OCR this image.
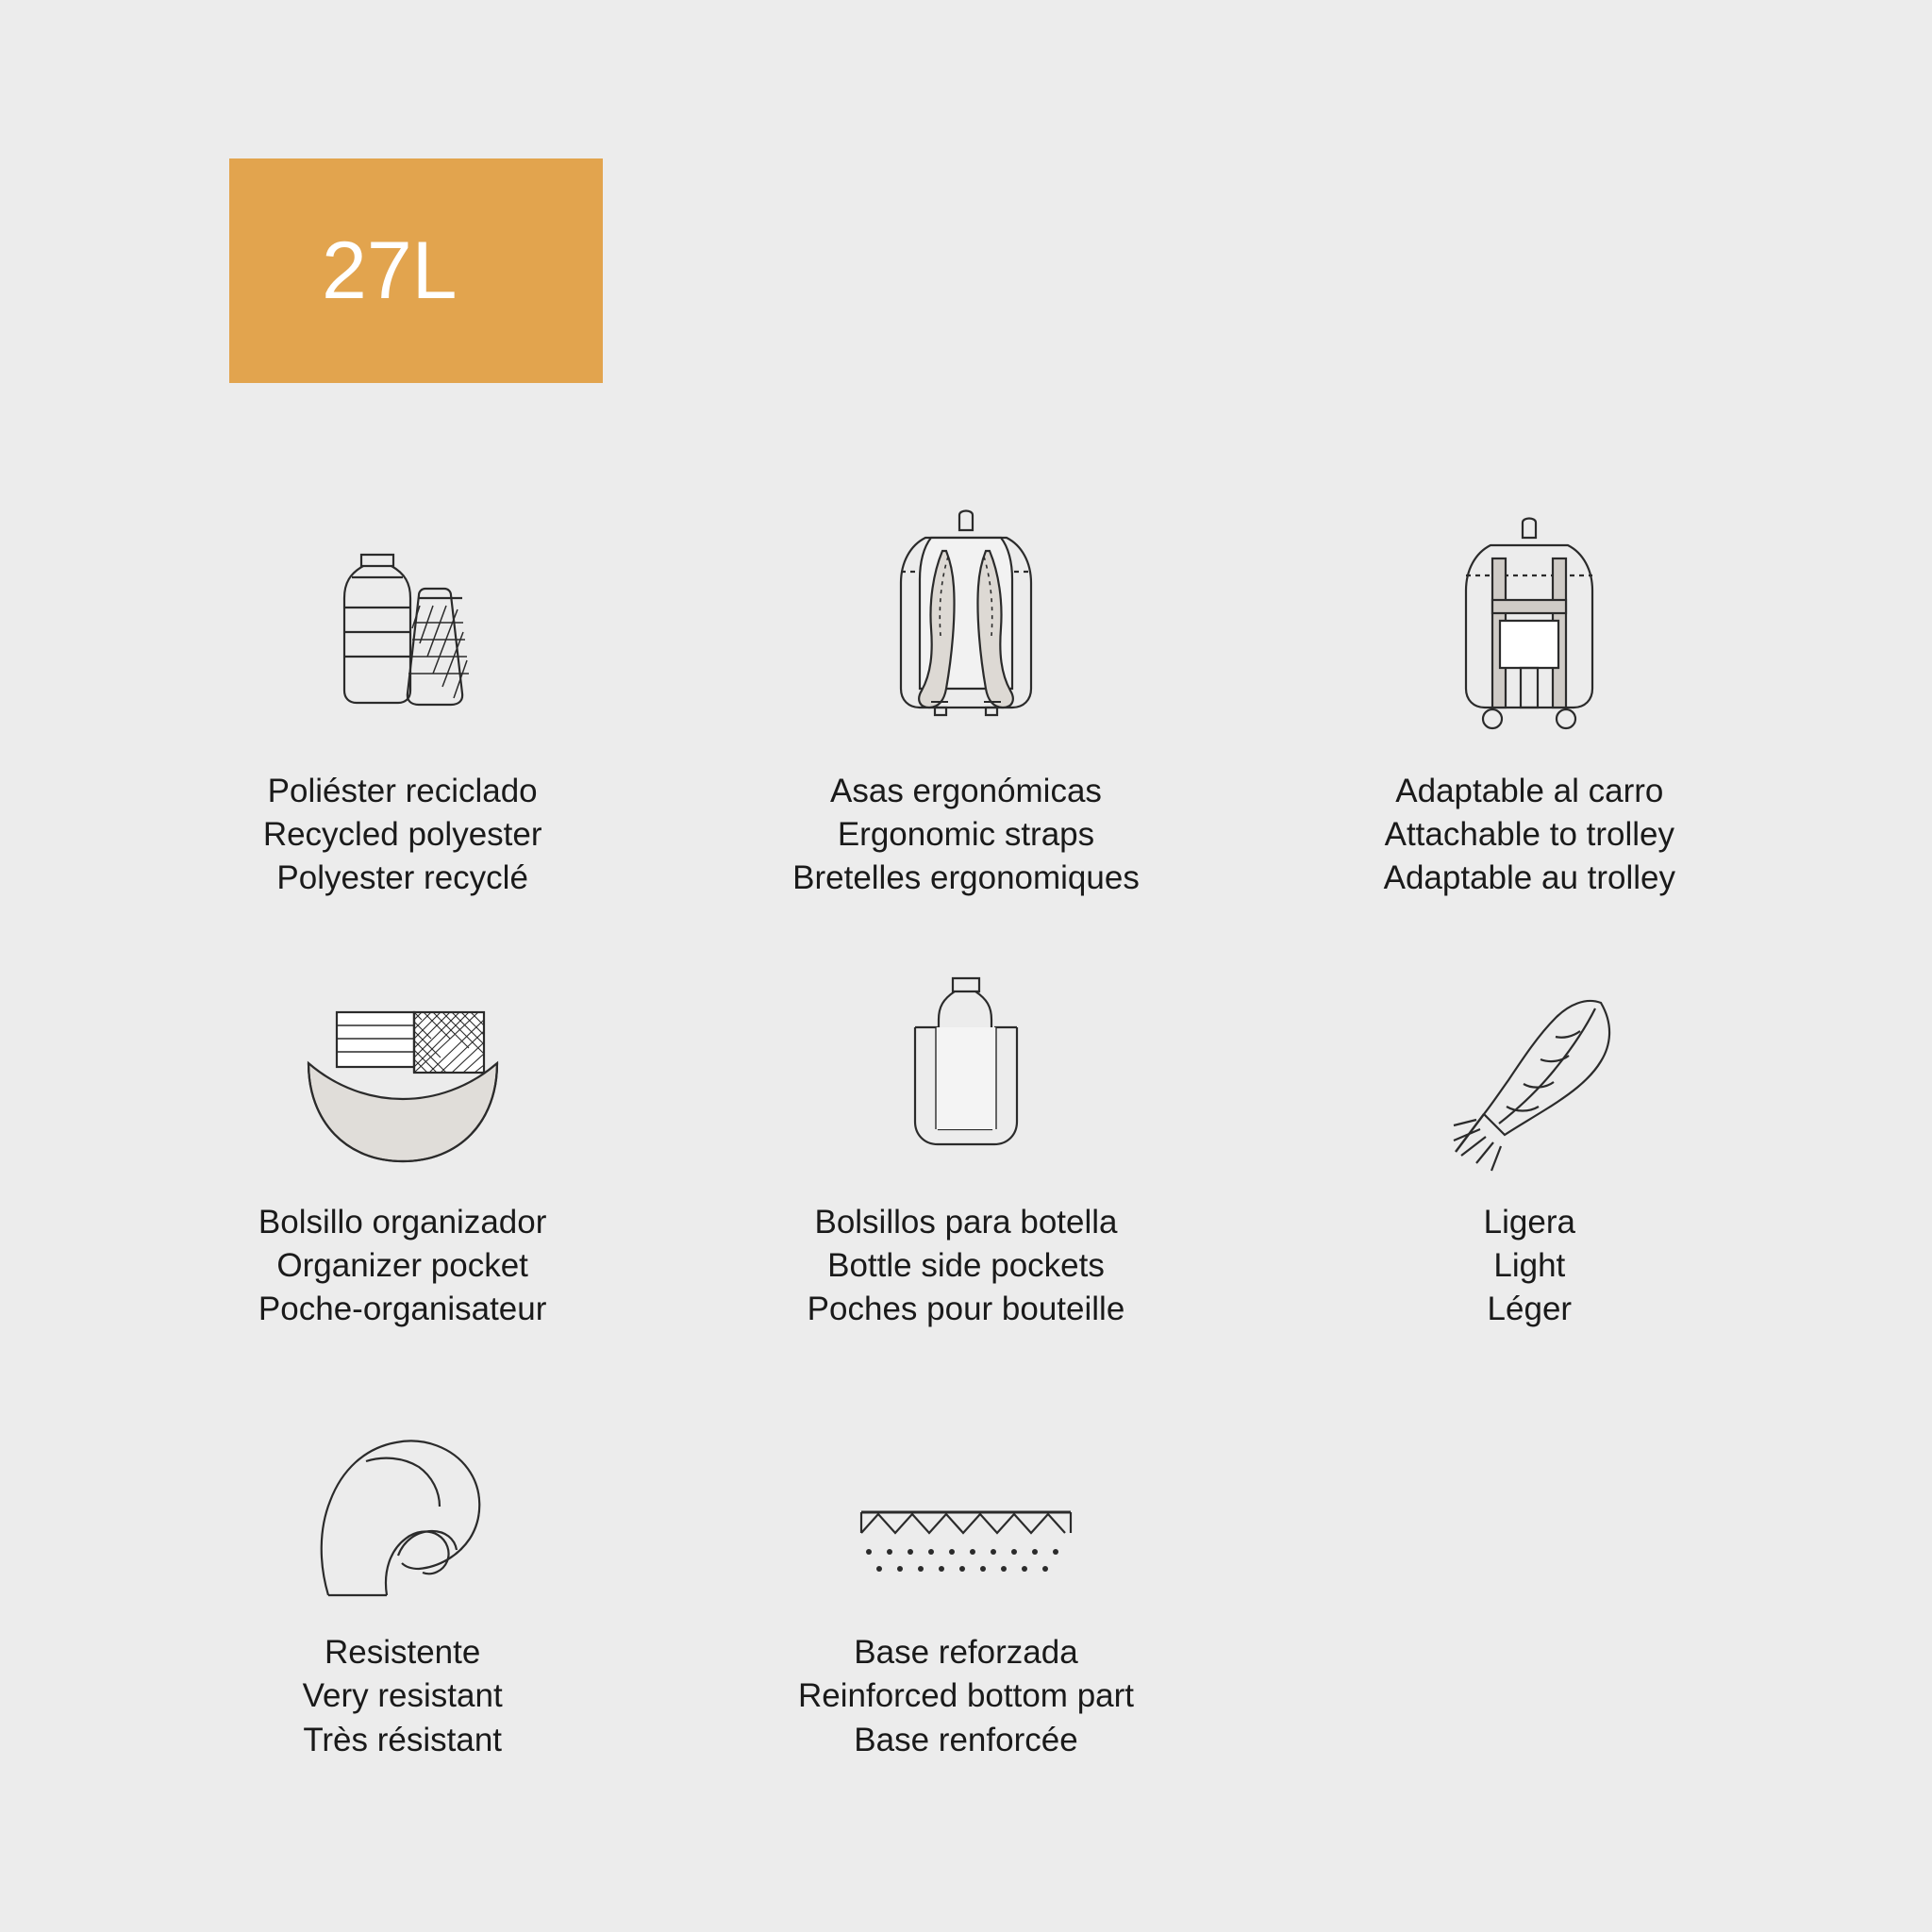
27L
Poliéster reciclado
Recycled polyester
Polyester recyclé
Asas ergonómicas
Ergonomic straps
Bretelles ergonomiques
Adaptable al carro
Attachable to trolley
Adaptable au trolley
Bolsillo organizador
Organizer pocket
Poche-organisateur
Bolsillos para botella
Bottle side pockets
Poches pour bouteille
Ligera
Light
Léger
Resistente
Very resistant
Très résistant
Base reforzada
Reinforced bottom part
Base renforcée
